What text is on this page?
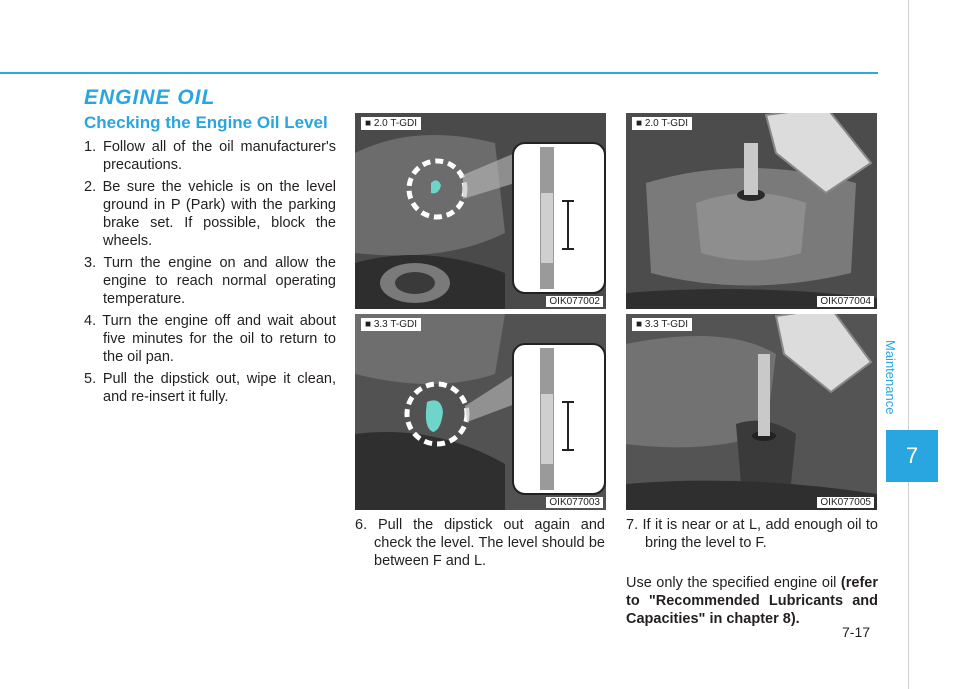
ENGINE OIL
Checking the Engine Oil Level
1. Follow all of the oil manufacturer's precautions.
2. Be sure the vehicle is on the level ground in P (Park) with the parking brake set. If possible, block the wheels.
3. Turn the engine on and allow the engine to reach normal operating temperature.
4. Turn the engine off and wait about five minutes for the oil to return to the oil pan.
5. Pull the dipstick out, wipe it clean, and re-insert it fully.
■ 2.0 T-GDI
OIK077002
■ 3.3 T-GDI
OIK077003
■ 2.0 T-GDI
OIK077004
■ 3.3 T-GDI
OIK077005

6. Pull the dipstick out again and check the level. The level should be between F and L.

7. If it is near or at L, add enough oil to bring the level to F.

Use only the specified engine oil (refer to "Recommended Lubricants and Capacities" in chapter 8).

Maintenance
7
7-17
